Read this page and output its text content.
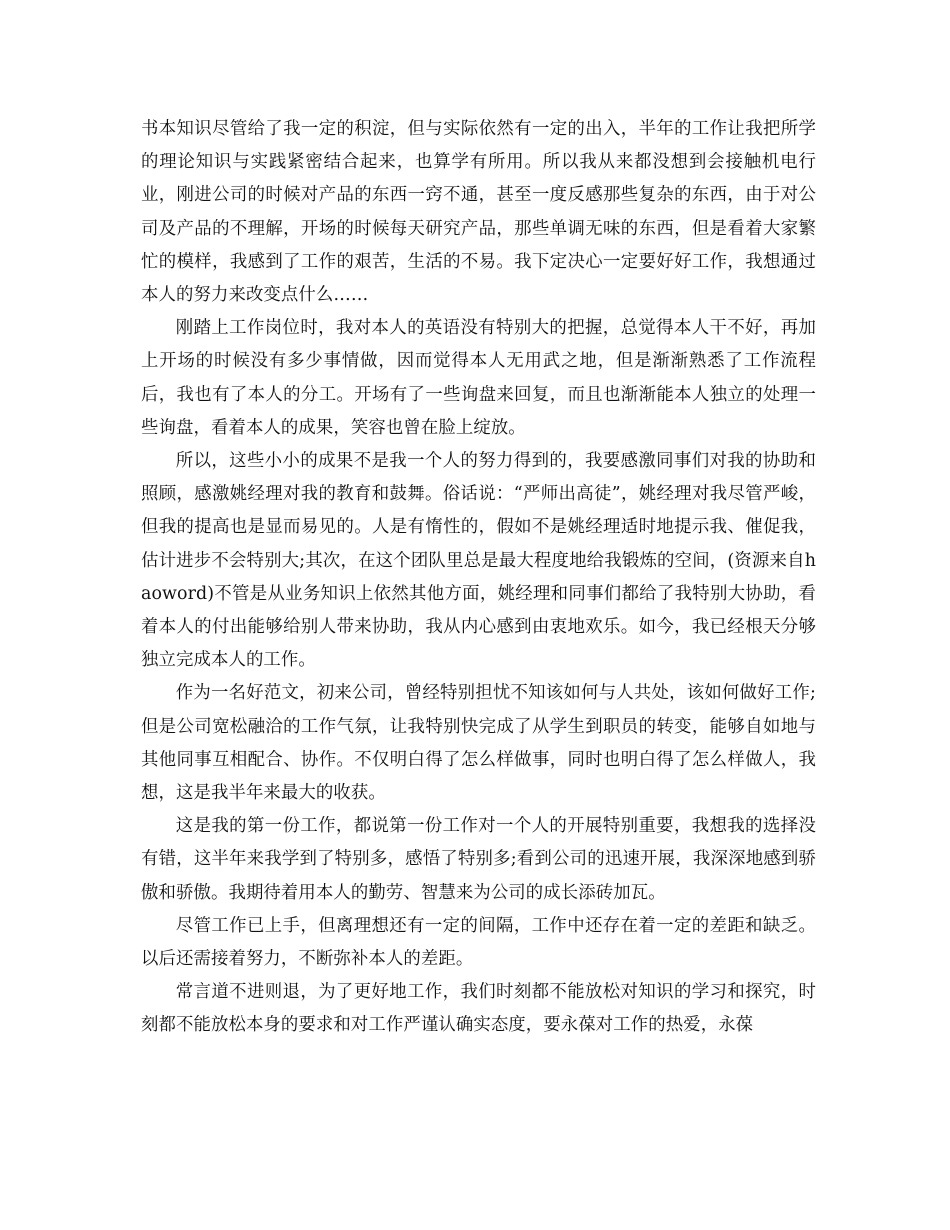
书本知识尽管给了我一定的积淀，但与实际依然有一定的出入，半年的工作让我把所学的理论知识与实践紧密结合起来，也算学有所用。所以我从来都没想到会接触机电行业，刚进公司的时候对产品的东西一窍不通，甚至一度反感那些复杂的东西，由于对公司及产品的不理解，开场的时候每天研究产品，那些单调无味的东西，但是看着大家繁忙的模样，我感到了工作的艰苦，生活的不易。我下定决心一定要好好工作，我想通过本人的努力来改变点什么……

刚踏上工作岗位时，我对本人的英语没有特别大的把握，总觉得本人干不好，再加上开场的时候没有多少事情做，因而觉得本人无用武之地，但是渐渐熟悉了工作流程后，我也有了本人的分工。开场有了一些询盘来回复，而且也渐渐能本人独立的处理一些询盘，看着本人的成果，笑容也曾在脸上绽放。

所以，这些小小的成果不是我一个人的努力得到的，我要感激同事们对我的协助和照顾，感激姚经理对我的教育和鼓舞。俗话说：“严师出高徒”，姚经理对我尽管严峻，但我的提高也是显而易见的。人是有惰性的，假如不是姚经理适时地提示我、催促我，估计进步不会特别大;其次，在这个团队里总是最大程度地给我锻炼的空间，(资源来自haoword)不管是从业务知识上依然其他方面，姚经理和同事们都给了我特别大协助，看着本人的付出能够给别人带来协助，我从内心感到由衷地欢乐。如今，我已经根天分够独立完成本人的工作。

作为一名好范文，初来公司，曾经特别担忧不知该如何与人共处，该如何做好工作;但是公司宽松融洽的工作气氛，让我特别快完成了从学生到职员的转变，能够自如地与其他同事互相配合、协作。不仅明白得了怎么样做事，同时也明白得了怎么样做人，我想，这是我半年来最大的收获。

这是我的第一份工作，都说第一份工作对一个人的开展特别重要，我想我的选择没有错，这半年来我学到了特别多，感悟了特别多;看到公司的迅速开展，我深深地感到骄傲和骄傲。我期待着用本人的勤劳、智慧来为公司的成长添砖加瓦。

尽管工作已上手，但离理想还有一定的间隔，工作中还存在着一定的差距和缺乏。以后还需接着努力，不断弥补本人的差距。

常言道不进则退，为了更好地工作，我们时刻都不能放松对知识的学习和探究，时刻都不能放松本身的要求和对工作严谨认确实态度，要永葆对工作的热爱，永葆
